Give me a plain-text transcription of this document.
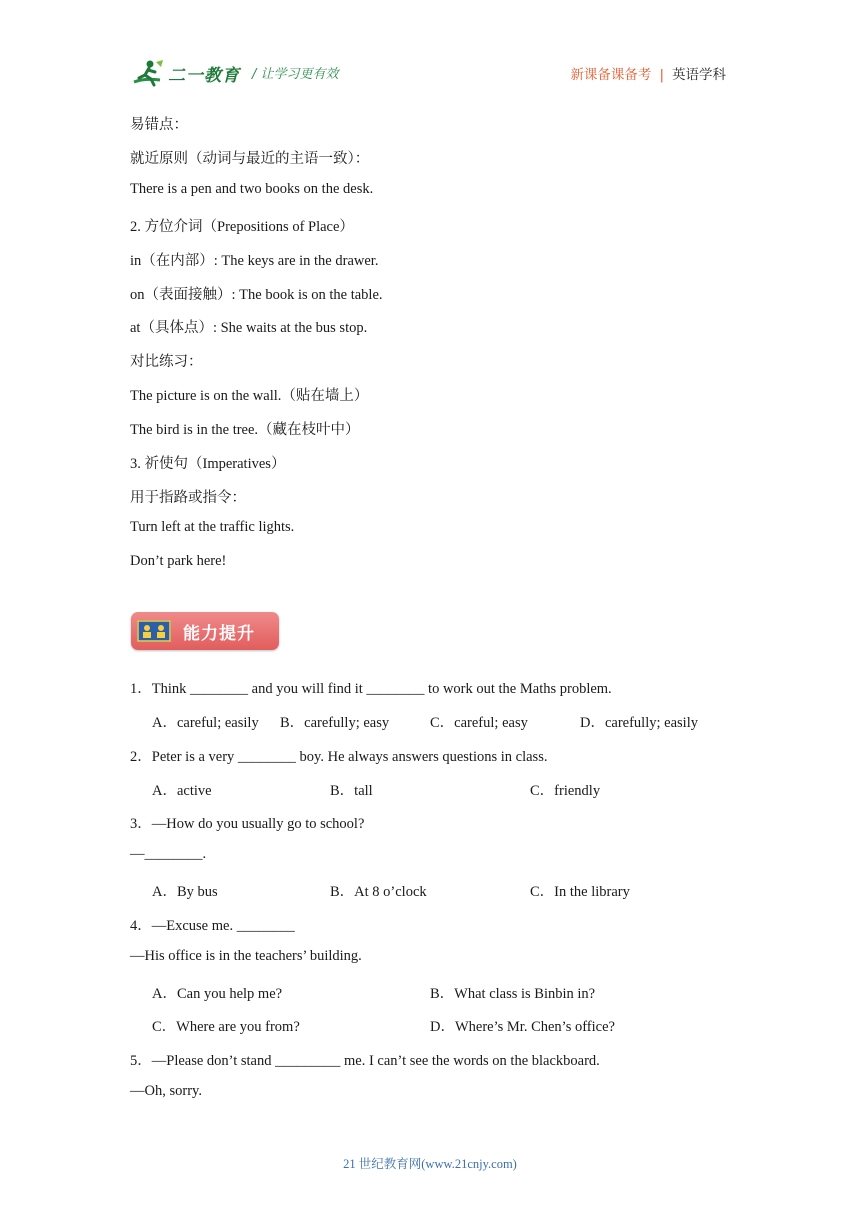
二一教育 / 让学习更有效	新课备课备考 | 英语学科
易错点：
就近原则（动词与最近的主语一致）：
There is a pen and two books on the desk.
2. 方位介词（Prepositions of Place）
in（在内部）: The keys are in the drawer.
on（表面接触）: The book is on the table.
at（具体点）: She waits at the bus stop.
对比练习：
The picture is on the wall.（贴在墙上）
The bird is in the tree.（藏在枝叶中）
3. 祈使句（Imperatives）
用于指路或指令：
Turn left at the traffic lights.
Don’t park here!
能力提升
1．Think ________ and you will find it ________ to work out the Maths problem.
A．careful; easily B．carefully; easy	C．careful; easy	D．carefully; easily
2．Peter is a very ________ boy. He always answers questions in class.
A．active	B．tall	C．friendly
3．—How do you usually go to school?
—________.
A．By bus	B．At 8 o’clock	C．In the library
4．—Excuse me. ________
—His office is in the teachers’ building.
A．Can you help me?	B．What class is Binbin in?
C．Where are you from?	D．Where’s Mr. Chen’s office?
5．—Please don’t stand _________ me. I can’t see the words on the blackboard.
—Oh, sorry.
21 世纪教育网(www.21cnjy.com)
